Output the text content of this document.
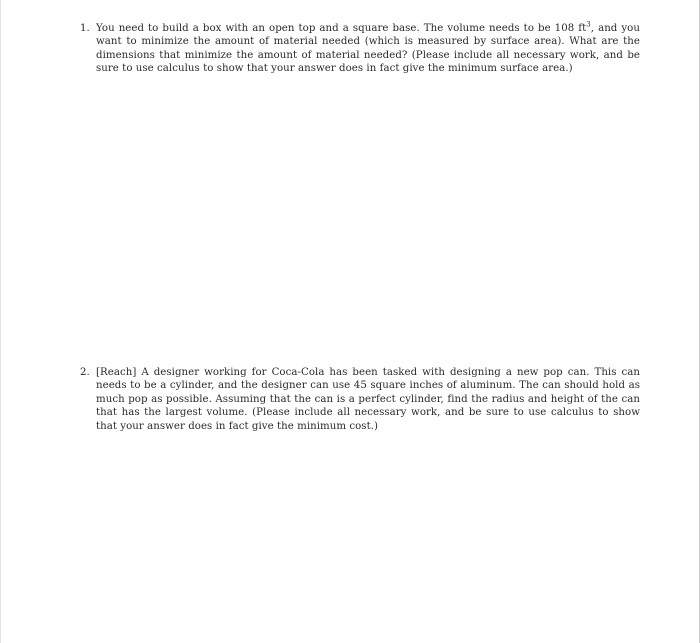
1. You need to build a box with an open top and a square base. The volume needs to be 108 $ft^3$, and you want to minimize the amount of material needed (which is measured by surface area). What are the dimensions that minimize the amount of material needed? (Please include all necessary work, and be sure to use calculus to show that your answer does in fact give the minimum surface area.)
2. [Reach] A designer working for Coca-Cola has been tasked with designing a new pop can. This can needs to be a cylinder, and the designer can use 45 square inches of aluminum. The can should hold as much pop as possible. Assuming that the can is a perfect cylinder, find the radius and height of the can that has the largest volume. (Please include all necessary work, and be sure to use calculus to show that your answer does in fact give the minimum cost.)
